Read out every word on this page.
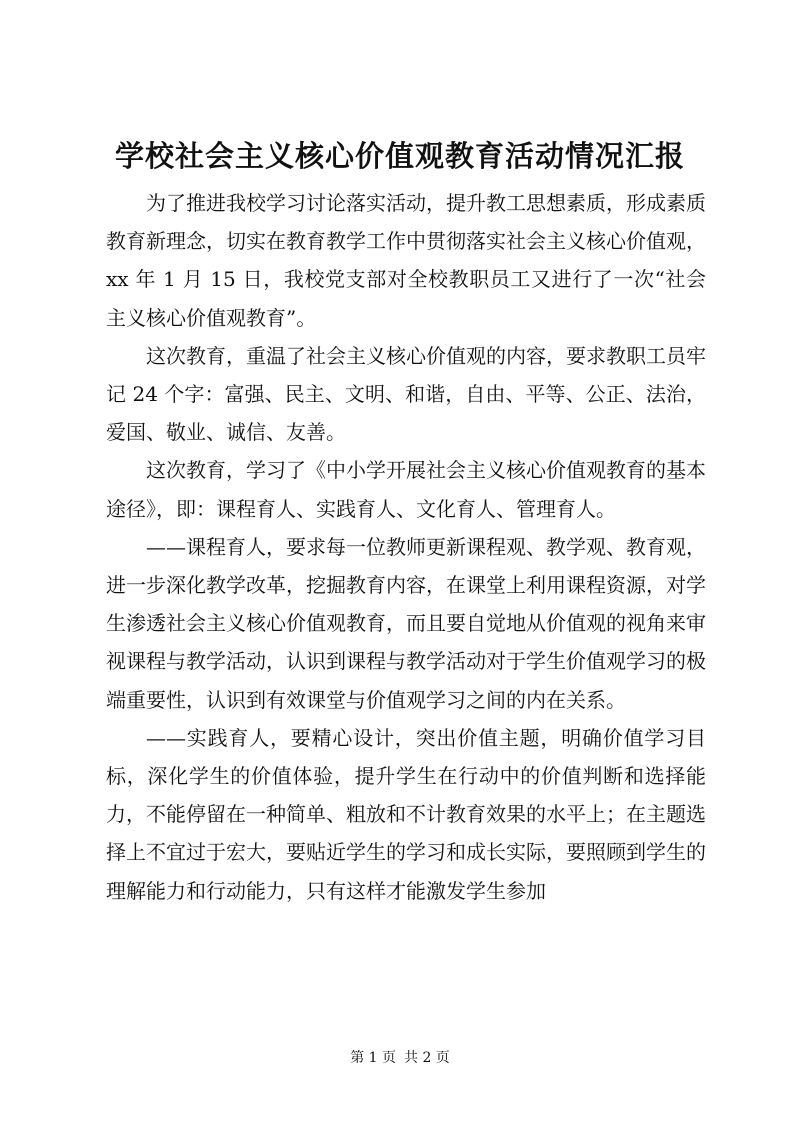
学校社会主义核心价值观教育活动情况汇报

为了推进我校学习讨论落实活动，提升教工思想素质，形成素质教育新理念，切实在教育教学工作中贯彻落实社会主义核心价值观，xx 年 1 月 15 日，我校党支部对全校教职员工又进行了一次“社会主义核心价值观教育”。

这次教育，重温了社会主义核心价值观的内容，要求教职工员牢记 24 个字：富强、民主、文明、和谐，自由、平等、公正、法治，爱国、敬业、诚信、友善。

这次教育，学习了《中小学开展社会主义核心价值观教育的基本途径》，即：课程育人、实践育人、文化育人、管理育人。

——课程育人，要求每一位教师更新课程观、教学观、教育观，进一步深化教学改革，挖掘教育内容，在课堂上利用课程资源，对学生渗透社会主义核心价值观教育，而且要自觉地从价值观的视角来审视课程与教学活动，认识到课程与教学活动对于学生价值观学习的极端重要性，认识到有效课堂与价值观学习之间的内在关系。

——实践育人，要精心设计，突出价值主题，明确价值学习目标，深化学生的价值体验，提升学生在行动中的价值判断和选择能力，不能停留在一种简单、粗放和不计教育效果的水平上；在主题选择上不宜过于宏大，要贴近学生的学习和成长实际，要照顾到学生的理解能力和行动能力，只有这样才能激发学生参加

第 1 页 共 2 页
